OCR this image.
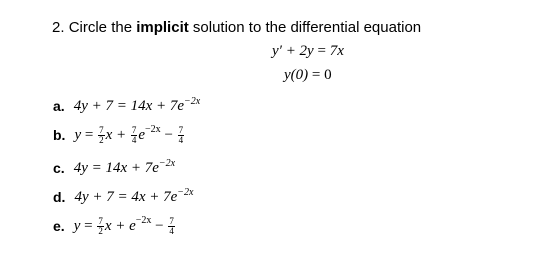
2. Circle the implicit solution to the differential equation
y′ + 2y = 7x
y(0) = 0
a. $4y + 7 = 14x + 7e^{-2x}$
b. $y = \frac{7}{2}$ $x + \frac{7}{4} e^{-2x} - \frac{7}{4}$
c. $4y = 14x + 7e^{-2x}$
d. $4y + 7 = 4x + 7e^{-2x}$
e. $y = \frac{7}{2}$ $x + e^{-2x} - \frac{7}{4}$
